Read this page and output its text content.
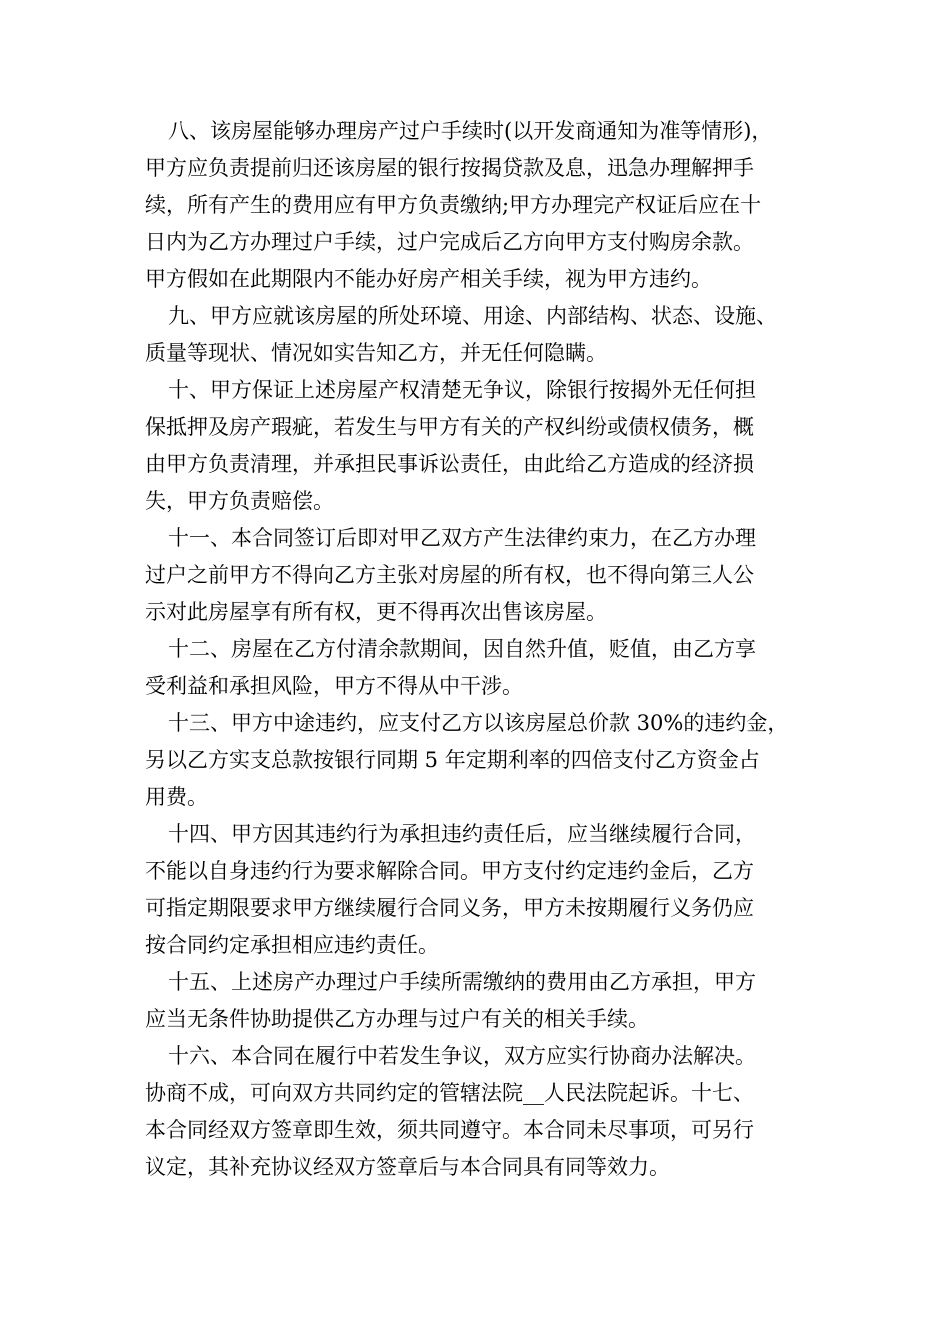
八、该房屋能够办理房产过户手续时(以开发商通知为准等情形)，
甲方应负责提前归还该房屋的银行按揭贷款及息，迅急办理解押手
续，所有产生的费用应有甲方负责缴纳;甲方办理完产权证后应在十
日内为乙方办理过户手续，过户完成后乙方向甲方支付购房余款。
甲方假如在此期限内不能办好房产相关手续，视为甲方违约。
九、甲方应就该房屋的所处环境、用途、内部结构、状态、设施、
质量等现状、情况如实告知乙方，并无任何隐瞒。
十、甲方保证上述房屋产权清楚无争议，除银行按揭外无任何担
保抵押及房产瑕疵，若发生与甲方有关的产权纠纷或债权债务，概
由甲方负责清理，并承担民事诉讼责任，由此给乙方造成的经济损
失，甲方负责赔偿。
十一、本合同签订后即对甲乙双方产生法律约束力，在乙方办理
过户之前甲方不得向乙方主张对房屋的所有权，也不得向第三人公
示对此房屋享有所有权，更不得再次出售该房屋。
十二、房屋在乙方付清余款期间，因自然升值，贬值，由乙方享
受利益和承担风险，甲方不得从中干涉。
十三、甲方中途违约，应支付乙方以该房屋总价款 30%的违约金，
另以乙方实支总款按银行同期 5 年定期利率的四倍支付乙方资金占
用费。
十四、甲方因其违约行为承担违约责任后，应当继续履行合同，
不能以自身违约行为要求解除合同。甲方支付约定违约金后，乙方
可指定期限要求甲方继续履行合同义务，甲方未按期履行义务仍应
按合同约定承担相应违约责任。
十五、上述房产办理过户手续所需缴纳的费用由乙方承担，甲方
应当无条件协助提供乙方办理与过户有关的相关手续。
十六、本合同在履行中若发生争议，双方应实行协商办法解决。
协商不成，可向双方共同约定的管辖法院__人民法院起诉。十七、
本合同经双方签章即生效，须共同遵守。本合同未尽事项，可另行
议定，其补充协议经双方签章后与本合同具有同等效力。
